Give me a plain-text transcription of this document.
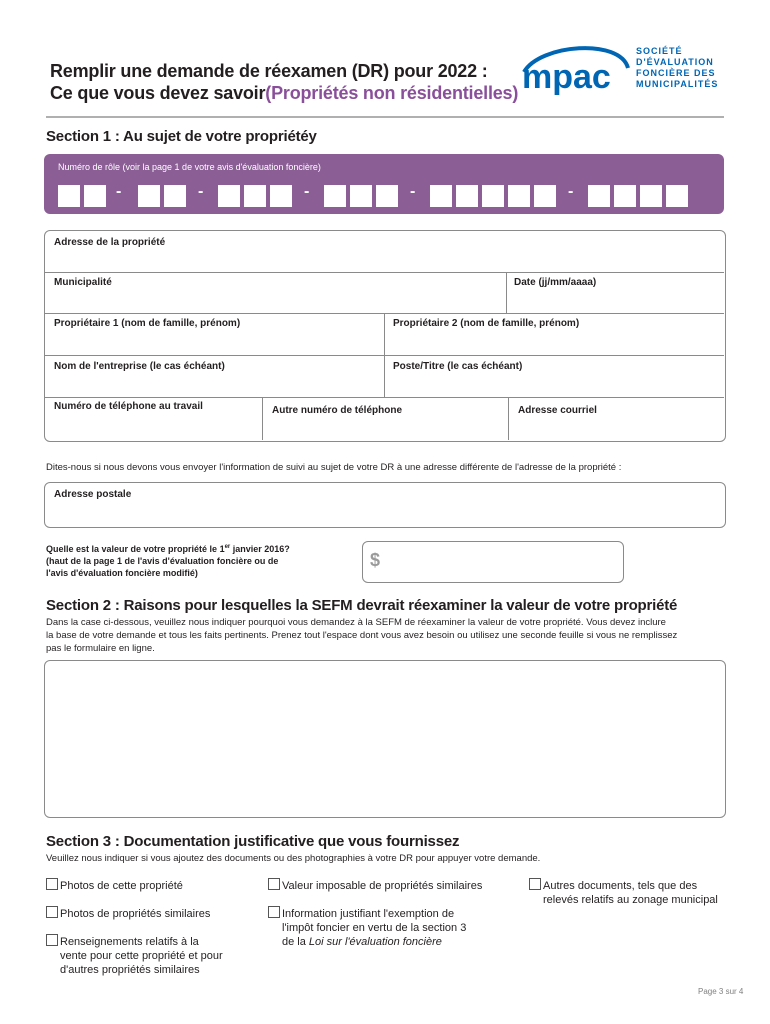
Remplir une demande de réexamen (DR) pour 2022 :
Ce que vous devez savoir(Propriétés non résidentielles) mpac
SOCIÉTÉ
D'ÉVALUATION
FONCIÈRE DES
MUNICIPALITÉS
Section 1 : Au sujet de votre propriétéy
Numéro de rôle (voir la page 1 de votre avis d'évaluation foncière)
-	-	-	-	-
Adresse de la propriété
Municipalité	Date (jj/mm/aaaa)
Propriétaire 1 (nom de famille, prénom)	Propriétaire 2 (nom de famille, prénom)
Nom de l'entreprise (le cas échéant)	Poste/Titre (le cas échéant)
Numéro de téléphone au travail	Autre numéro de téléphone	Adresse courriel
Dites-nous si nous devons vous envoyer l'information de suivi au sujet de votre DR à une adresse différente de l'adresse de la propriété :
Adresse postale
Quelle est la valeur de votre propriété le 1er janvier 2016?
(haut de la page 1 de l'avis d'évaluation foncière ou de
l'avis d'évaluation foncière modifié)
$
Section 2 : Raisons pour lesquelles la SEFM devrait réexaminer la valeur de votre propriété
Dans la case ci-dessous, veuillez nous indiquer pourquoi vous demandez à la SEFM de réexaminer la valeur de votre propriété. Vous devez inclure
la base de votre demande et tous les faits pertinents. Prenez tout l'espace dont vous avez besoin ou utilisez une seconde feuille si vous ne remplissez
pas le formulaire en ligne.
Section 3 : Documentation justificative que vous fournissez
Veuillez nous indiquer si vous ajoutez des documents ou des photographies à votre DR pour appuyer votre demande.
Photos de cette propriété
Photos de propriétés similaires
Renseignements relatifs à la
vente pour cette propriété et pour
d'autres propriétés similaires
Valeur imposable de propriétés similaires
Information justifiant l'exemption de
l'impôt foncier en vertu de la section 3
de la Loi sur l'évaluation foncière
Autres documents, tels que des
relevés relatifs au zonage municipal
Page 3 sur 4
